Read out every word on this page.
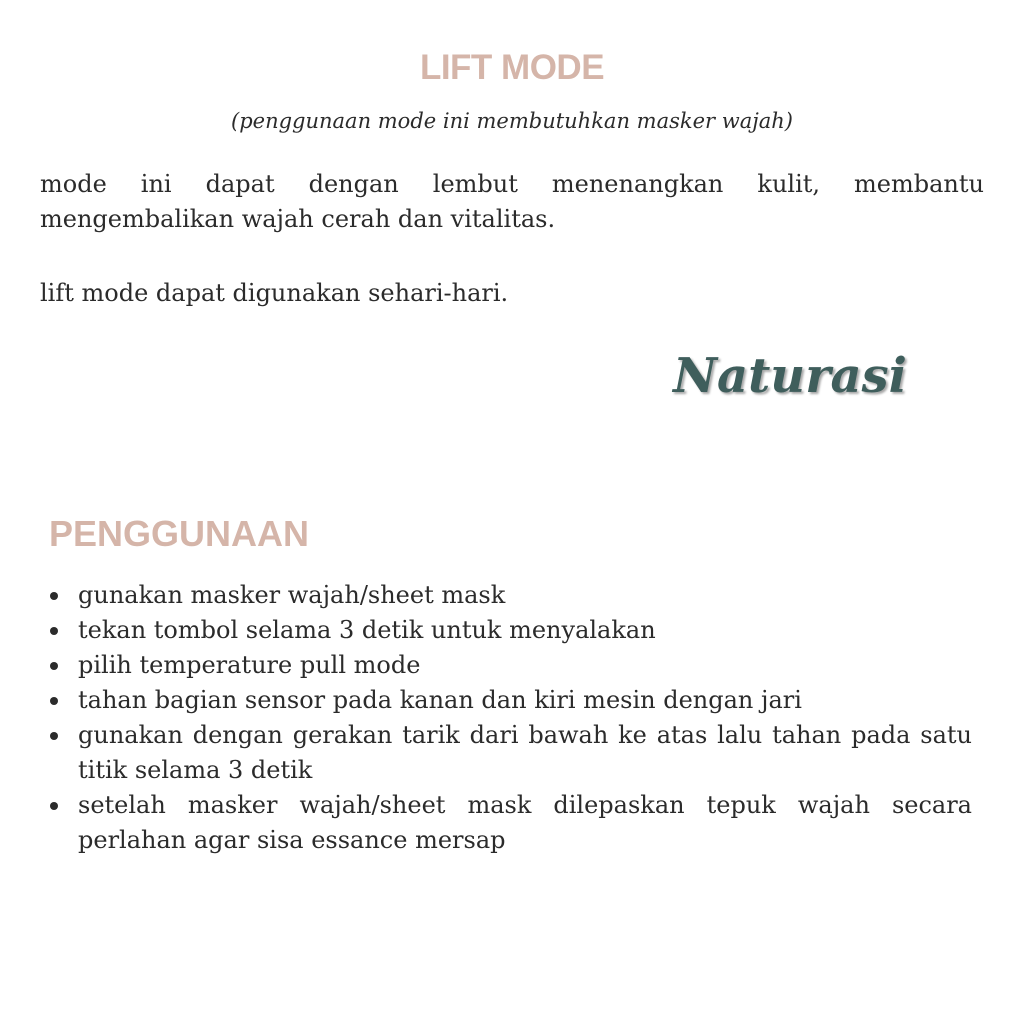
LIFT MODE

(penggunaan mode ini membutuhkan masker wajah)

mode ini dapat dengan lembut menenangkan kulit, membantu mengembalikan wajah cerah dan vitalitas.

lift mode dapat digunakan sehari-hari.

Naturasi
PENGGUNAAN
gunakan masker wajah/sheet mask
tekan tombol selama 3 detik untuk menyalakan
pilih temperature pull mode
tahan bagian sensor pada kanan dan kiri mesin dengan jari
gunakan dengan gerakan tarik dari bawah ke atas lalu tahan pada satu titik selama 3 detik
setelah masker wajah/sheet mask dilepaskan tepuk wajah secara perlahan agar sisa essance mersap
